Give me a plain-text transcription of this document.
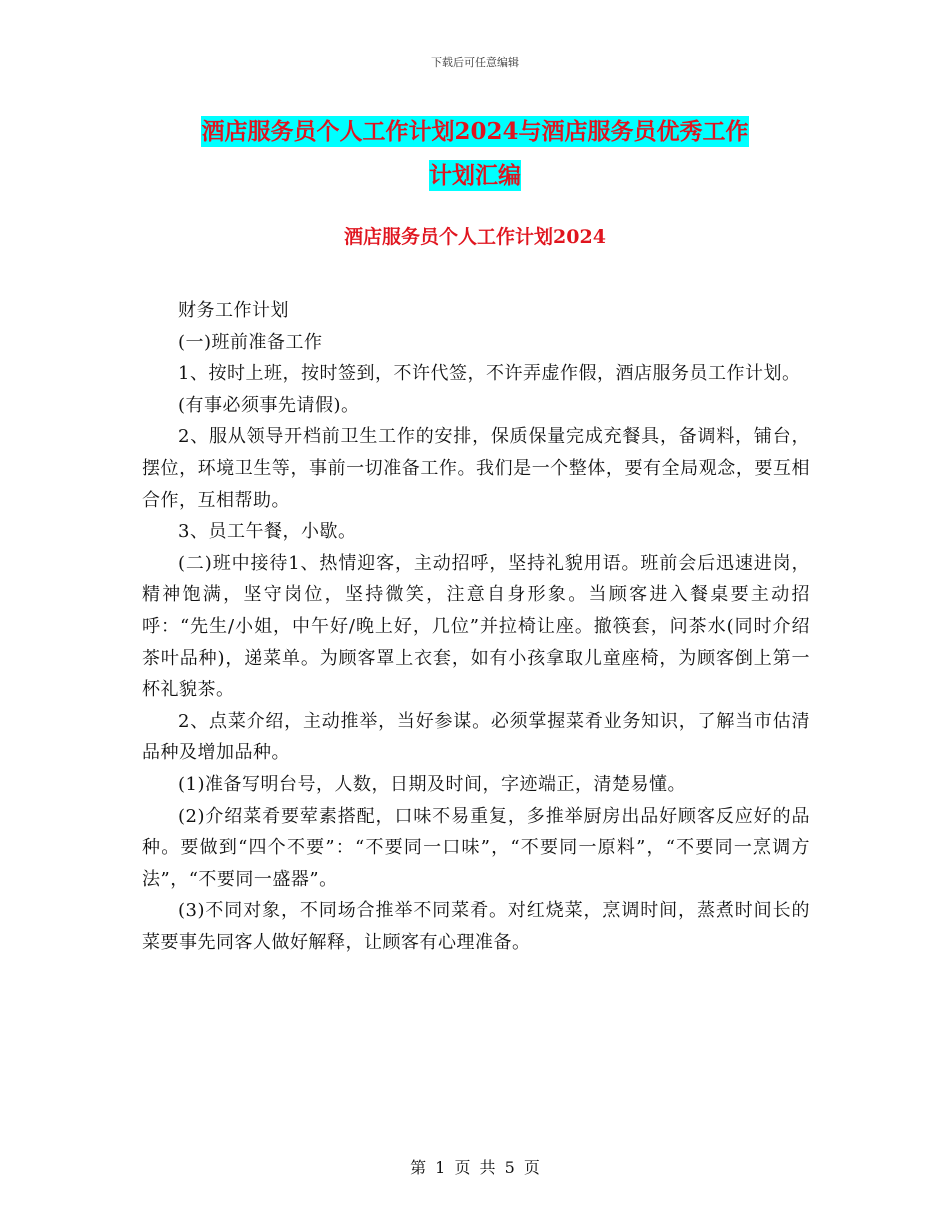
下载后可任意编辑
酒店服务员个人工作计划2024与酒店服务员优秀工作
计划汇编
酒店服务员个人工作计划2024

财务工作计划

(一)班前准备工作

1、按时上班，按时签到，不许代签，不许弄虚作假，酒店服务员工作计划。

(有事必须事先请假)。

2、服从领导开档前卫生工作的安排，保质保量完成充餐具，备调料，铺台，摆位，环境卫生等，事前一切准备工作。我们是一个整体，要有全局观念，要互相合作，互相帮助。

3、员工午餐，小歇。

(二)班中接待1、热情迎客，主动招呼，坚持礼貌用语。班前会后迅速进岗，精神饱满，坚守岗位，坚持微笑，注意自身形象。当顾客进入餐桌要主动招呼：“先生/小姐，中午好/晚上好，几位”并拉椅让座。撤筷套，问茶水(同时介绍茶叶品种)，递菜单。为顾客罩上衣套，如有小孩拿取儿童座椅，为顾客倒上第一杯礼貌茶。

2、点菜介绍，主动推举，当好参谋。必须掌握菜肴业务知识，了解当市估清品种及增加品种。

(1)准备写明台号，人数，日期及时间，字迹端正，清楚易懂。

(2)介绍菜肴要荤素搭配，口味不易重复，多推举厨房出品好顾客反应好的品种。要做到“四个不要”：“不要同一口味”，“不要同一原料”，“不要同一烹调方法”，“不要同一盛器”。

(3)不同对象，不同场合推举不同菜肴。对红烧菜，烹调时间，蒸煮时间长的菜要事先同客人做好解释，让顾客有心理准备。

第 1 页 共 5 页
